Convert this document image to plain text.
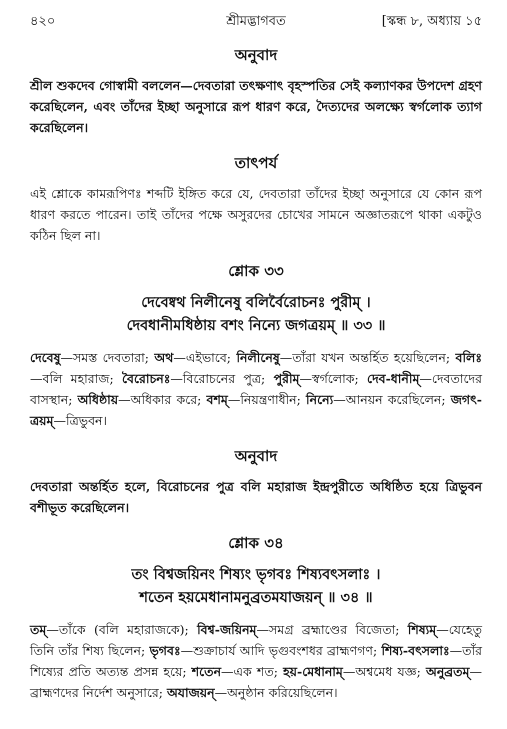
৪২০	শ্রীমদ্ভাগবত	[স্কন্ধ ৮, অধ্যায় ১৫
অনুবাদ

শ্রীল শুকদেব গোস্বামী বললেন—দেবতারা তৎক্ষণাৎ বৃহস্পতির সেই কল্যাণকর উপদেশ গ্রহণ করেছিলেন, এবং তাঁদের ইচ্ছা অনুসারে রূপ ধারণ করে, দৈত্যদের অলক্ষ্যে স্বর্গলোক ত্যাগ করেছিলেন।

তাৎপর্য

এই শ্লোকে কামরূপিণঃ শব্দটি ইঙ্গিত করে যে, দেবতারা তাঁদের ইচ্ছা অনুসারে যে কোন রূপ ধারণ করতে পারেন। তাই তাঁদের পক্ষে অসুরদের চোখের সামনে অজ্ঞাতরূপে থাকা একটুও কঠিন ছিল না।

শ্লোক ৩৩
দেবেষ্বথ নিলীনেষু বলির্বৈরোচনঃ পুরীম্ ।
দেবধানীমধিষ্ঠায় বশং নিন্যে জগত্রয়ম্ ॥ ৩৩ ॥

দেবেষু—সমস্ত দেবতারা; অথ—এইভাবে; নিলীনেষু—তাঁরা যখন অন্তর্হিত হয়েছিলেন; বলিঃ—বলি মহারাজ; বৈরোচনঃ—বিরোচনের পুত্র; পুরীম্—স্বর্গলোক; দেব-ধানীম্—দেবতাদের বাসস্থান; অধিষ্ঠায়—অধিকার করে; বশম্—নিয়ন্ত্রণাধীন; নিন্যে—আনয়ন করেছিলেন; জগৎ-ত্রয়ম্—ত্রিভুবন।

অনুবাদ

দেবতারা অন্তর্হিত হলে, বিরোচনের পুত্র বলি মহারাজ ইন্দ্রপুরীতে অধিষ্ঠিত হয়ে ত্রিভুবন বশীভূত করেছিলেন।

শ্লোক ৩৪
তং বিশ্বজয়িনং শিষ্যং ভৃগবঃ শিষ্যবৎসলাঃ ।
শতেন হয়মেধানামনুব্রতমযাজয়ন্ ॥ ৩৪ ॥

তম্—তাঁকে (বলি মহারাজকে); বিশ্ব-জয়িনম্—সমগ্র ব্রহ্মাণ্ডের বিজেতা; শিষ্যম্—যেহেতু তিনি তাঁর শিষ্য ছিলেন; ভৃগবঃ—শুক্রাচার্য আদি ভৃগুবংশধর ব্রাহ্মণগণ; শিষ্য-বৎসলাঃ—তাঁর শিষ্যের প্রতি অত্যন্ত প্রসন্ন হয়ে; শতেন—এক শত; হয়-মেধানাম্—অশ্বমেধ যজ্ঞ; অনুব্রতম্—ব্রাহ্মণদের নির্দেশ অনুসারে; অযাজয়ন্—অনুষ্ঠান করিয়েছিলেন।
